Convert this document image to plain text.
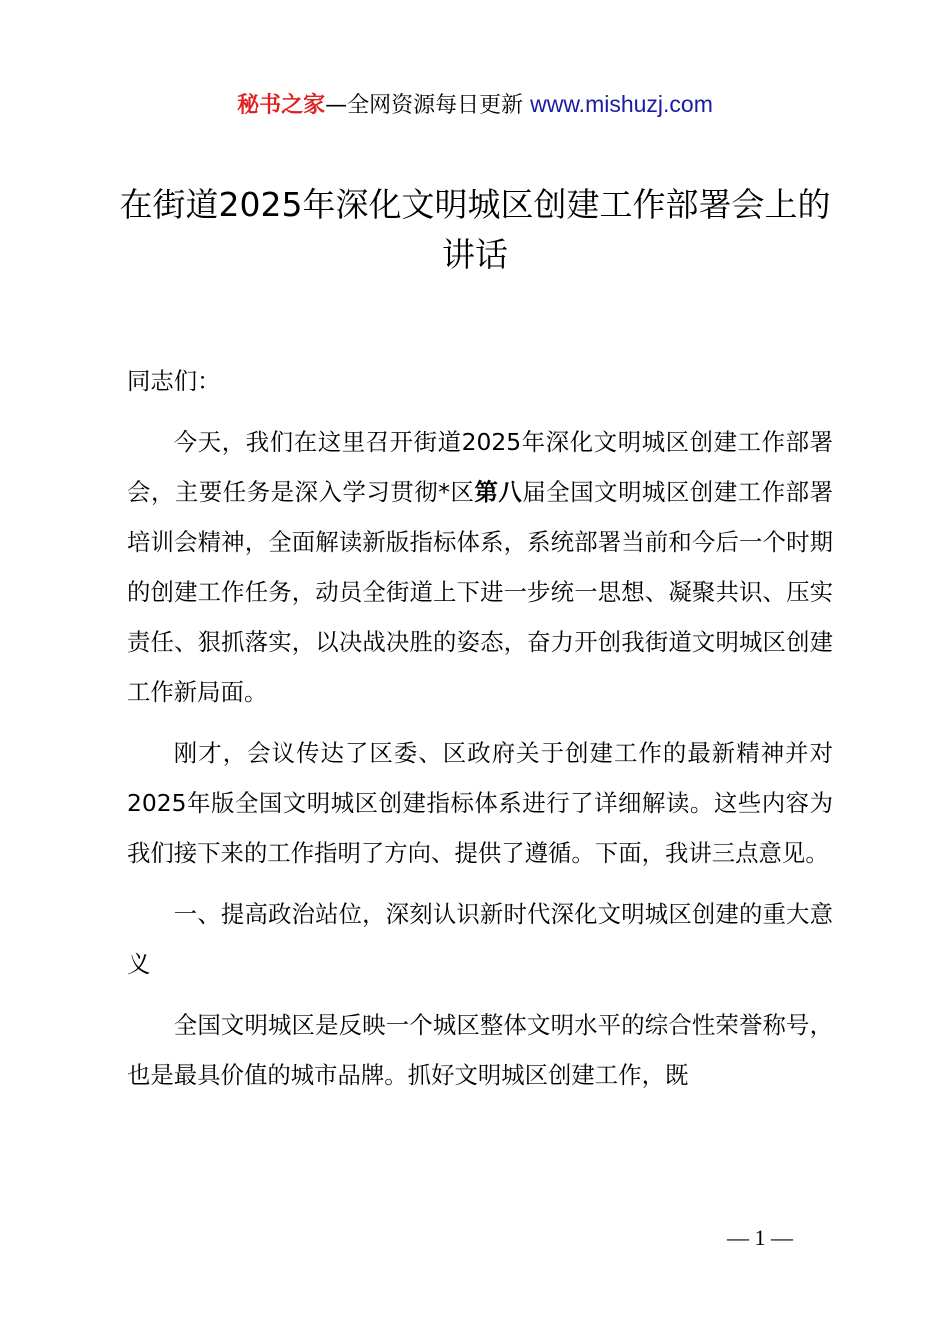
秘书之家—全网资源每日更新 www.mishuzj.com
在街道2025年深化文明城区创建工作部署会上的讲话

同志们：

今天，我们在这里召开街道2025年深化文明城区创建工作部署会，主要任务是深入学习贯彻*区第八届全国文明城区创建工作部署培训会精神，全面解读新版指标体系，系统部署当前和今后一个时期的创建工作任务，动员全街道上下进一步统一思想、凝聚共识、压实责任、狠抓落实，以决战决胜的姿态，奋力开创我街道文明城区创建工作新局面。

刚才，会议传达了区委、区政府关于创建工作的最新精神并对2025年版全国文明城区创建指标体系进行了详细解读。这些内容为我们接下来的工作指明了方向、提供了遵循。下面，我讲三点意见。

一、提高政治站位，深刻认识新时代深化文明城区创建的重大意义

全国文明城区是反映一个城区整体文明水平的综合性荣誉称号，也是最具价值的城市品牌。抓好文明城区创建工作，既

— 1 —
